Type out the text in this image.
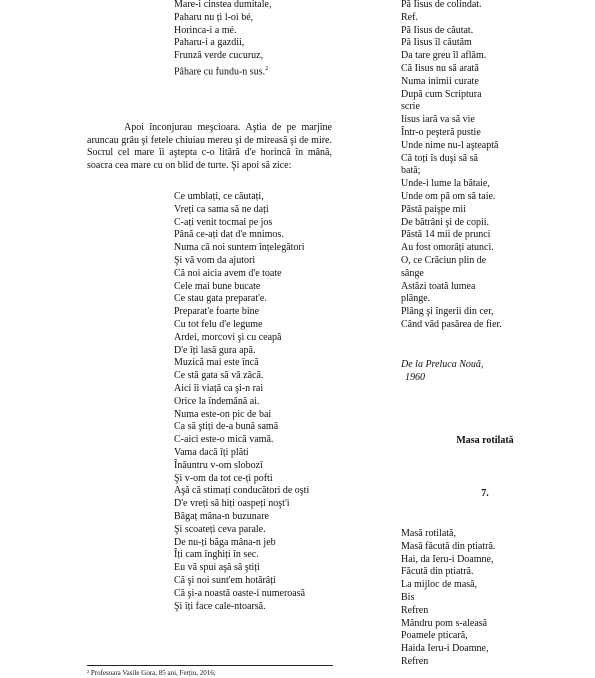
Mare-i cinstea dumitale,
Paharu nu ți l-oi bé,
Horinca-i a mé.
Paharu-i a gazdii,
Frunză verde cucuruz,
Pâhare cu fundu-n sus.$^2$

Apoi înconjurau meşcioara. Aştia de pe marjine aruncau grâu şi fetele chiuiau mereu şi de mireasă şi de mire. Socrul cel mare îi aştepta c-o litără d'e horincă în mână, soacra cea mare cu on blid de turte. Şi apoi să zice:

Ce umblați, ce căutați,
Vreți ca sama să ne dați
C-ați venit tocmai pe jos
Până ce-ați dat d'e mnimos.
Numa că noi suntem înțelegători
Şi vă vom da ajutori
Că noi aicia avem d'e toate
Cele mai bune bucate
Ce stau gata preparat'e.
Preparat'e foarte bine
Cu tot felu d'e legume
Ardei, morcovi şi cu ceapă
D'e îți lasă gura apă.
Muzică mai este încă
Ce stă gata să vă zăcă.
Aici îi viață ca şi-n rai
Orice la îndemână ai.
Numa este-on pic de bai
Ca să ştiți de-a bună samă
C-aici este-o mică vamă.
Vama dacă îți plăti
Înăuntru v-om slobozî
Şi v-om da tot ce-ți pofti
Aşă că stimați conducători de oşti
D'e vreți să hiți oaspeți noşt'i
Băgaț mâna-n buzunare
Şi scoateți ceva parale.
De nu-ți băga mâna-n jeb
Îți cam înghiți în sec.
Eu vă spui aşă să ştiți
Că şi noi sunt'em hotărâți
Că şi-a noastă oaste-i numeroasă
Şi îți face cale-ntoarsă.
² Profesoara Vasile Gora, 85 ani, Ferțiu, 2016;
Pă Iisus de colindat.
Ref.
Pă Iisus de căutat.
Pă Iisus îl căutăm
Da tare greu îl aflăm.
Că Iisus nu să arată
Numa inimii curate
După cum Scriptura
scrie
Iisus iară va să vie
Într-o peşteră pustie
Unde nime nu-l aşteaptă
Că toți îs duşi să să
bată;
Unde-i lume la bătaie,
Unde om pă om să taie.
Păstă paişpe mii
De bătrâni şi de copii.
Păstă 14 mii de prunci
Au fost omorâți atunci.
O, ce Crăciun plin de
sânge
Astăzi toată lumea
plânge.
Plâng şi îngerii din cer,
Când văd pasărea de fier.
De la Preluca Nouă,
1960
Masa rotilată
7.
Masă rotilată,
Masă făcută din ptiatră.
Hai, da Ieru-i Doamne,
Făcută din ptiatră.
La mijloc de masă,
Bis
Refren
Mândru pom s-aleasă
Poamele pticară,
Haida Ieru-i Doamne,
Refren
